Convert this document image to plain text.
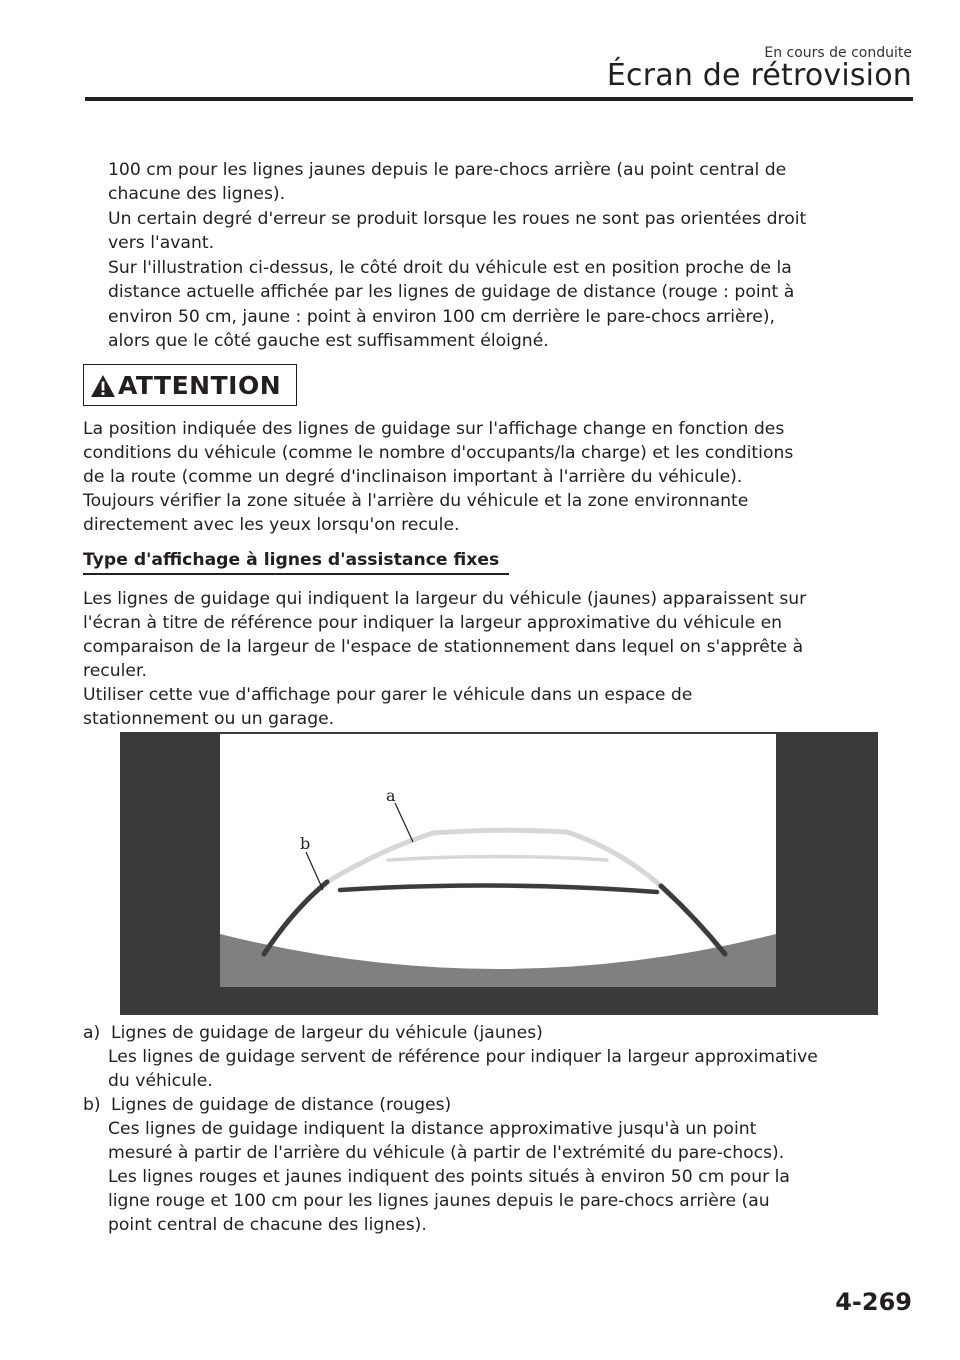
En cours de conduite
Écran de rétrovision

100 cm pour les lignes jaunes depuis le pare-chocs arrière (au point central de

chacune des lignes).

Un certain degré d'erreur se produit lorsque les roues ne sont pas orientées droit

vers l'avant.

Sur l'illustration ci-dessus, le côté droit du véhicule est en position proche de la

distance actuelle affichée par les lignes de guidage de distance (rouge : point à

environ 50 cm, jaune : point à environ 100 cm derrière le pare-chocs arrière),

alors que le côté gauche est suffisamment éloigné.

ATTENTION

La position indiquée des lignes de guidage sur l'affichage change en fonction des

conditions du véhicule (comme le nombre d'occupants/la charge) et les conditions

de la route (comme un degré d'inclinaison important à l'arrière du véhicule).

Toujours vérifier la zone située à l'arrière du véhicule et la zone environnante

directement avec les yeux lorsqu'on recule.

Type d'affichage à lignes d'assistance fixes

Les lignes de guidage qui indiquent la largeur du véhicule (jaunes) apparaissent sur

l'écran à titre de référence pour indiquer la largeur approximative du véhicule en

comparaison de la largeur de l'espace de stationnement dans lequel on s'apprête à

reculer.

Utiliser cette vue d'affichage pour garer le véhicule dans un espace de

stationnement ou un garage.

a
b
a) Lignes de guidage de largeur du véhicule (jaunes)

Les lignes de guidage servent de référence pour indiquer la largeur approximative

du véhicule.

b) Lignes de guidage de distance (rouges)

Ces lignes de guidage indiquent la distance approximative jusqu'à un point

mesuré à partir de l'arrière du véhicule (à partir de l'extrémité du pare-chocs).

Les lignes rouges et jaunes indiquent des points situés à environ 50 cm pour la

ligne rouge et 100 cm pour les lignes jaunes depuis le pare-chocs arrière (au

point central de chacune des lignes).

4-269
